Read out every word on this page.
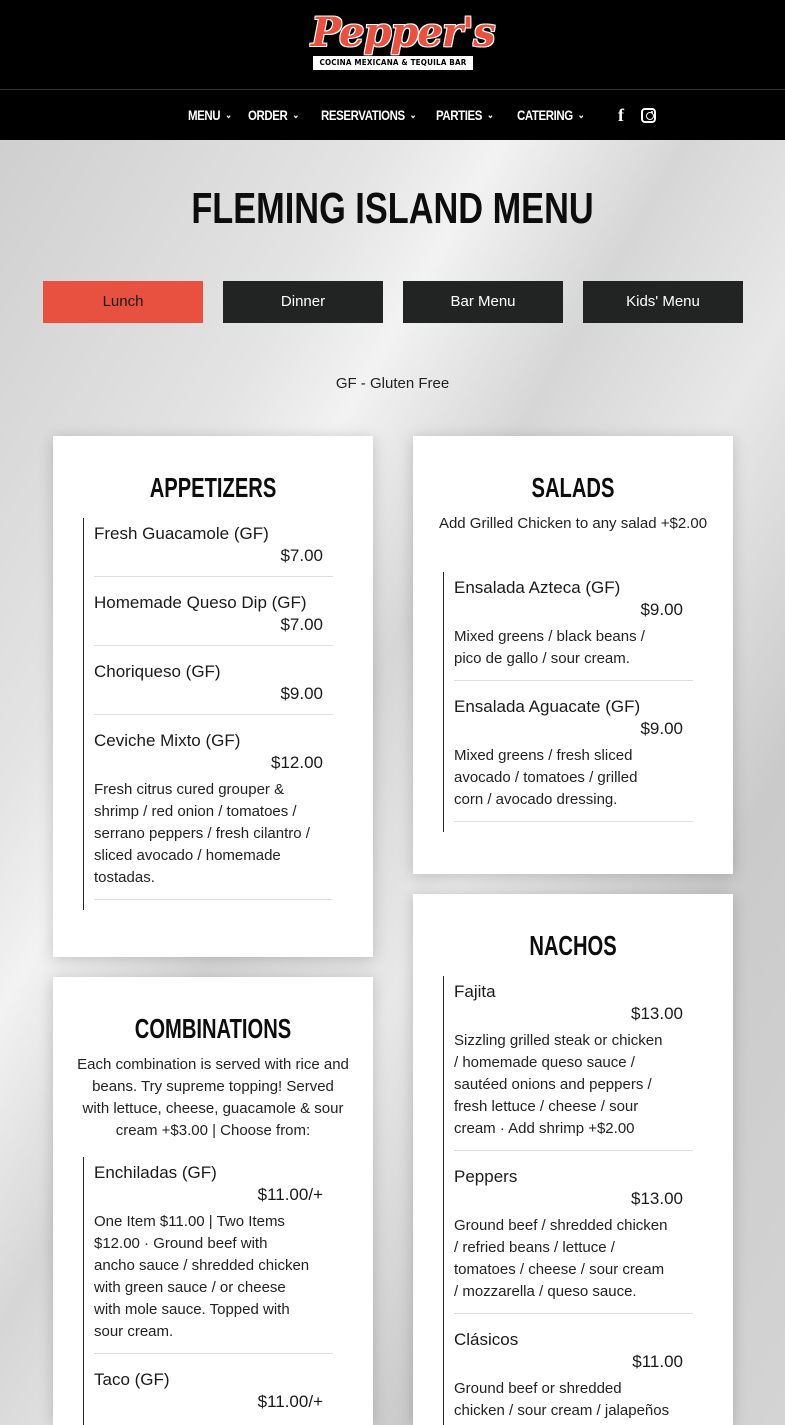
Pepper's
COCINA MEXICANA & TEQUILA BAR
MENU ⌄ ORDER ⌄ RESERVATIONS ⌄ PARTIES ⌄ CATERING ⌄	f
FLEMING ISLAND MENU
Lunch	Dinner	Bar Menu	Kids' Menu
GF - Gluten Free
APPETIZERS
Fresh Guacamole (GF)
$7.00
Homemade Queso Dip (GF)
$7.00
Choriqueso (GF)
$9.00
Ceviche Mixto (GF)
$12.00
Fresh citrus cured grouper & shrimp / red onion / tomatoes / serrano peppers / fresh cilantro / sliced avocado / homemade tostadas.
SALADS
Add Grilled Chicken to any salad +$2.00
Ensalada Azteca (GF)
$9.00
Mixed greens / black beans / pico de gallo / sour cream.
Ensalada Aguacate (GF)
$9.00
Mixed greens / fresh sliced avocado / tomatoes / grilled corn / avocado dressing.
COMBINATIONS
Each combination is served with rice and beans. Try supreme topping! Served with lettuce, cheese, guacamole & sour cream +$3.00 | Choose from:
Enchiladas (GF)
$11.00/+
One Item $11.00 | Two Items $12.00 · Ground beef with ancho sauce / shredded chicken with green sauce / or cheese with mole sauce. Topped with sour cream.
Taco (GF)
$11.00/+
NACHOS
Fajita
$13.00
Sizzling grilled steak or chicken / homemade queso sauce / sautéed onions and peppers / fresh lettuce / cheese / sour cream · Add shrimp +$2.00
Peppers
$13.00
Ground beef / shredded chicken / refried beans / lettuce / tomatoes / cheese / sour cream / mozzarella / queso sauce.
Clásicos
$11.00
Ground beef or shredded chicken / sour cream / jalapeños
